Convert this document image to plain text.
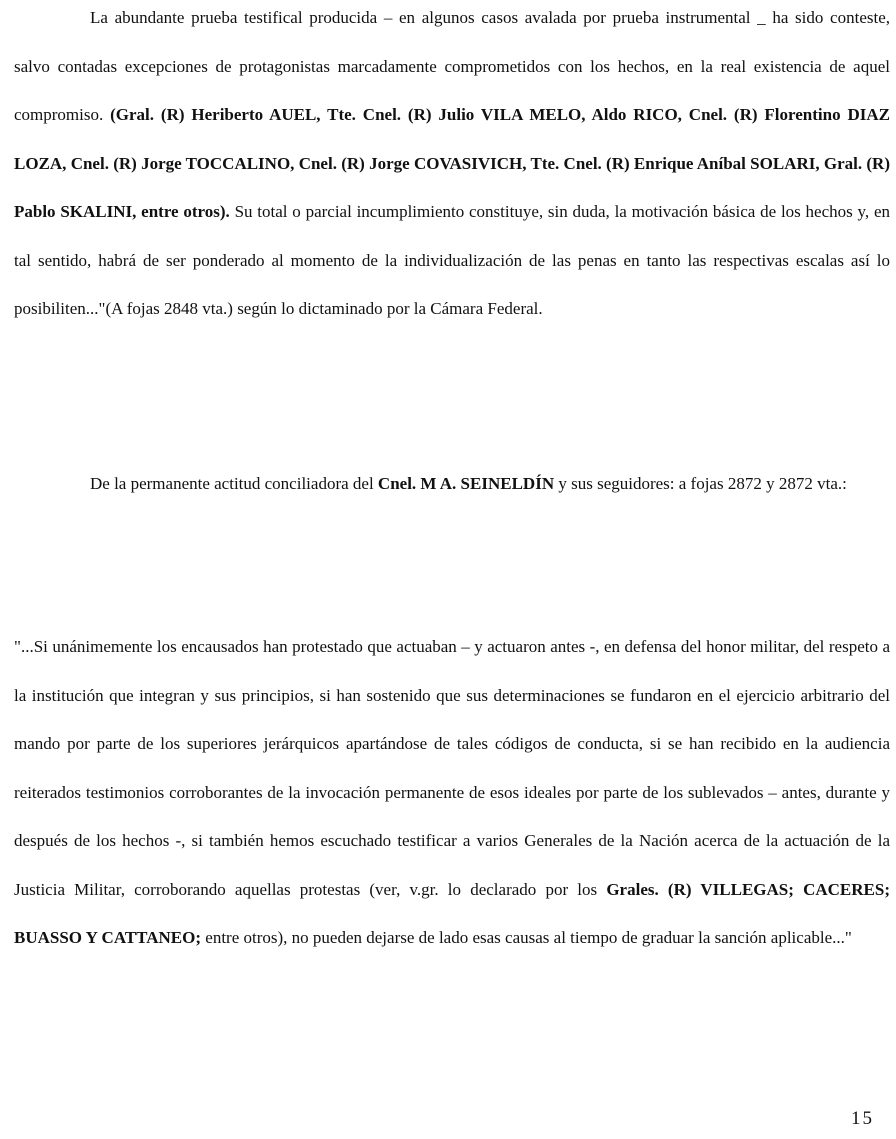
La abundante prueba testifical producida – en algunos casos avalada por prueba instrumental _ ha sido conteste, salvo contadas excepciones de protagonistas marcadamente comprometidos con los hechos, en la real existencia de aquel compromiso. (Gral. (R) Heriberto AUEL, Tte. Cnel. (R) Julio VILA MELO, Aldo RICO, Cnel. (R) Florentino DIAZ LOZA, Cnel. (R) Jorge TOCCALINO, Cnel. (R) Jorge COVASIVICH, Tte. Cnel. (R) Enrique Aníbal SOLARI, Gral. (R) Pablo SKALINI, entre otros). Su total o parcial incumplimiento constituye, sin duda, la motivación básica de los hechos y, en tal sentido, habrá de ser ponderado al momento de la individualización de las penas en tanto las respectivas escalas así lo posibiliten..."(A fojas 2848 vta.) según lo dictaminado por la Cámara Federal.

De la permanente actitud conciliadora del Cnel. M A. SEINELDÍN y sus seguidores: a fojas 2872 y 2872 vta.:

"...Si unánimemente los encausados han protestado que actuaban – y actuaron antes -, en defensa del honor militar, del respeto a la institución que integran y sus principios, si han sostenido que sus determinaciones se fundaron en el ejercicio arbitrario del mando por parte de los superiores jerárquicos apartándose de tales códigos de conducta, si se han recibido en la audiencia reiterados testimonios corroborantes de la invocación permanente de esos ideales por parte de los sublevados – antes, durante y después de los hechos -, si también hemos escuchado testificar a varios Generales de la Nación acerca de la actuación de la Justicia Militar, corroborando aquellas protestas (ver, v.gr. lo declarado por los Grales. (R) VILLEGAS; CACERES; BUASSO Y CATTANEO; entre otros), no pueden dejarse de lado esas causas al tiempo de graduar la sanción aplicable..."

15
